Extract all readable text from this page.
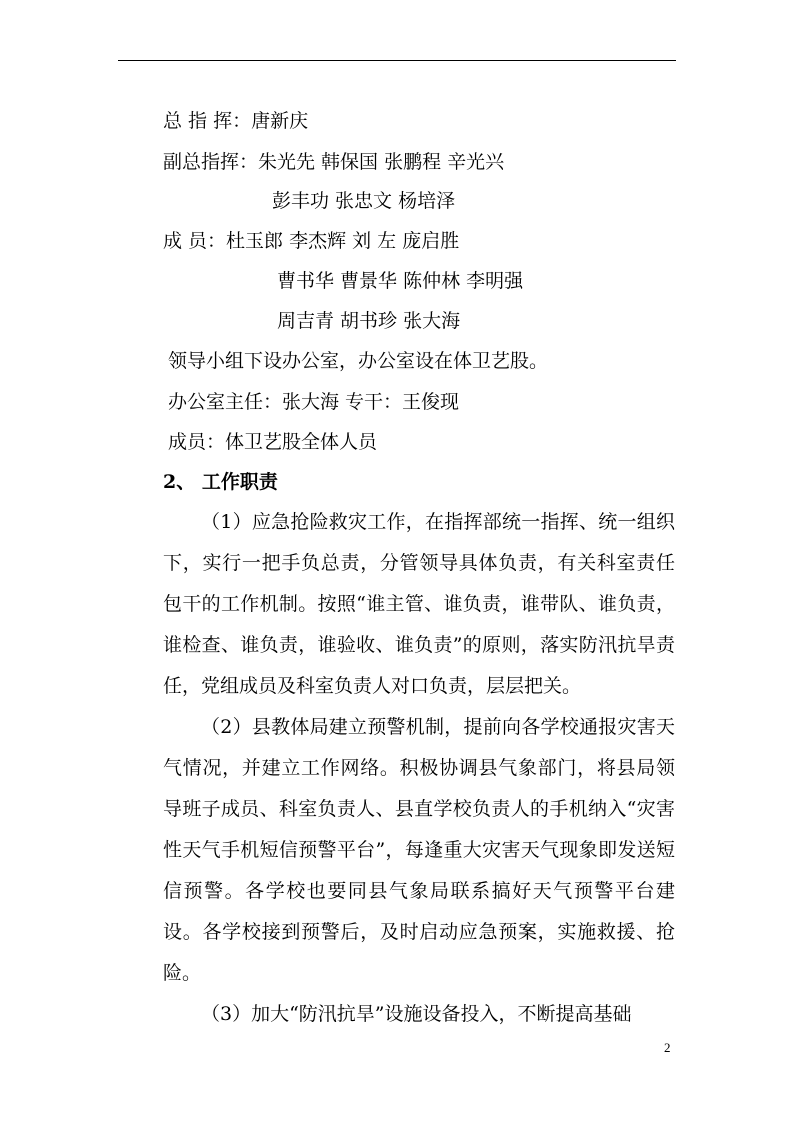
总 指 挥：唐新庆
副总指挥：朱光先 韩保国 张鹏程 辛光兴
彭丰功 张忠文 杨培泽
成 员：杜玉郎 李杰辉 刘 左 庞启胜
曹书华 曹景华 陈仲林 李明强
周吉青 胡书珍 张大海
领导小组下设办公室，办公室设在体卫艺股。
办公室主任：张大海 专干：王俊现
成员：体卫艺股全体人员
2、 工作职责

（1）应急抢险救灾工作，在指挥部统一指挥、统一组织下，实行一把手负总责，分管领导具体负责，有关科室责任包干的工作机制。按照“谁主管、谁负责，谁带队、谁负责，谁检查、谁负责，谁验收、谁负责”的原则，落实防汛抗旱责任，党组成员及科室负责人对口负责，层层把关。

（2）县教体局建立预警机制，提前向各学校通报灾害天气情况，并建立工作网络。积极协调县气象部门，将县局领导班子成员、科室负责人、县直学校负责人的手机纳入“灾害性天气手机短信预警平台”，每逢重大灾害天气现象即发送短信预警。各学校也要同县气象局联系搞好天气预警平台建设。各学校接到预警后，及时启动应急预案，实施救援、抢险。

（3）加大“防汛抗旱”设施设备投入，不断提高基础

2
